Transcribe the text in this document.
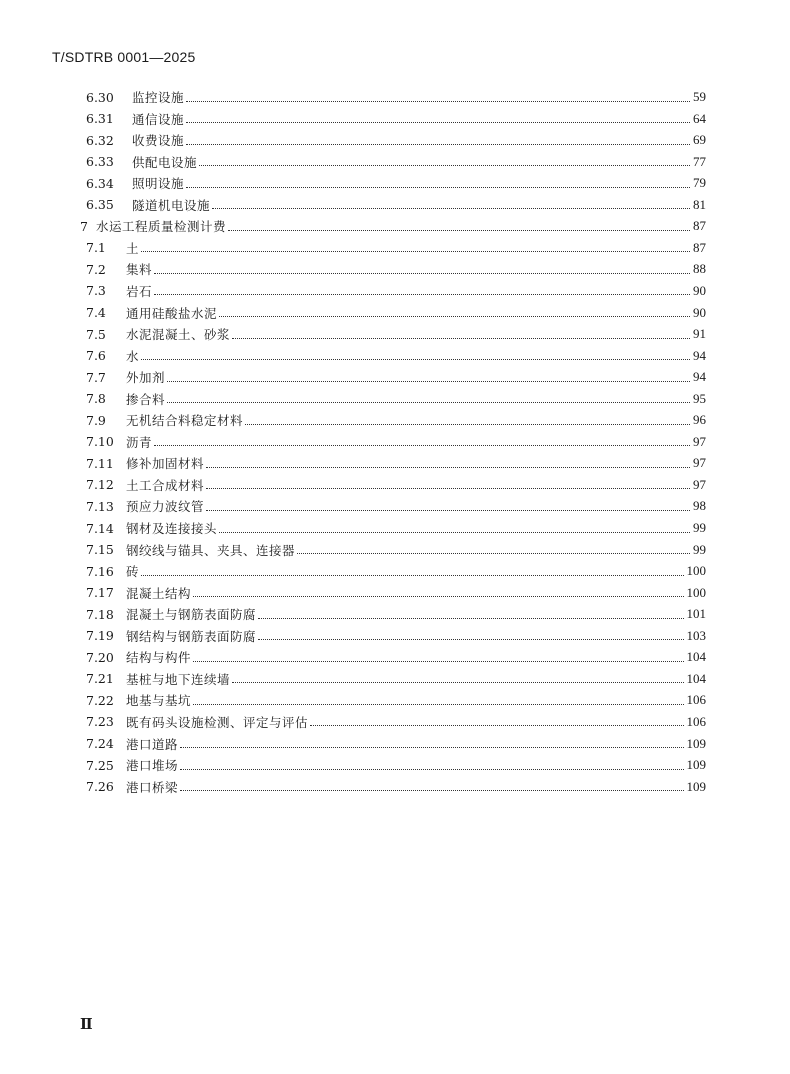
T/SDTRB 0001—2025
6.30	监控设施	59
6.31	通信设施	64
6.32	收费设施	69
6.33	供配电设施	77
6.34	照明设施	79
6.35	隧道机电设施	81
7 水运工程质量检测计费	87
7.1	土	87
7.2	集料	88
7.3	岩石	90
7.4	通用硅酸盐水泥	90
7.5	水泥混凝土、砂浆	91
7.6	水	94
7.7	外加剂	94
7.8	掺合料	95
7.9	无机结合料稳定材料	96
7.10 沥青	97
7.11 修补加固材料	97
7.12 土工合成材料	97
7.13 预应力波纹管	98
7.14 钢材及连接接头	99
7.15 钢绞线与锚具、夹具、连接器	99
7.16 砖	100
7.17 混凝土结构	100
7.18 混凝土与钢筋表面防腐	101
7.19 钢结构与钢筋表面防腐	103
7.20 结构与构件	104
7.21 基桩与地下连续墙	104
7.22 地基与基坑	106
7.23 既有码头设施检测、评定与评估	106
7.24 港口道路	109
7.25 港口堆场	109
7.26 港口桥梁	109
Ⅱ
